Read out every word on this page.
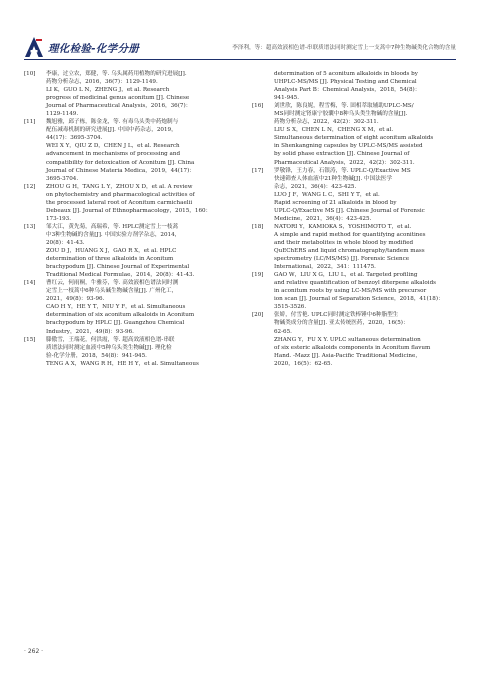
理化检验-化学分册	李泽利，等：超高效液相色谱-串联质谱法同时测定雪上一支蒿中7种生物碱类化合物的含量
[10] 李康，过立农，郑健，等. 乌头属药用植物的研究进展[J].
药物分析杂志，2016，36(7)：1129-1149.
LI K，GUO L N，ZHENG J，et al. Research
progress of medicinal genus aconitum [J]. Chinese
Journal of Pharmaceutical Analysis，2016，36(7)：
1129-1149.
[11] 魏旭雅，邱子栋，陈金龙，等. 有毒乌头类中药炮制与
配伍减毒机制的研究进展[J]. 中国中药杂志，2019，
44(17)：3695-3704.
WEI X Y，QIU Z D，CHEN J L，et al. Research
advancement in mechanisms of processing and
compatibility for detoxication of Aconitum [J]. China
Journal of Chinese Materia Medica，2019，44(17)：
3695-3704.
[12] ZHOU G H，TANG L Y，ZHOU X D，et al. A review
on phytochemistry and pharmacological activities of
the processed lateral root of Aconitum carmichaelii
Debeaux [J]. Journal of Ethnopharmacology，2015，160：
173-193.
[13] 邹大江，黄先菊，高瑞希，等. HPLC测定雪上一枝蒿
中3种生物碱的含量[J]. 中国实验方剂学杂志，2014，
20(8)：41-43.
ZOU D J，HUANG X J，GAO R X，et al. HPLC
determination of three alkaloids in Aconitum
brachypodum [J]. Chinese Journal of Experimental
Traditional Medical Formulae，2014，20(8)：41-43.
[14] 曹红云，何雨桐，牛雅芬，等. 高效液相色谱法同时测
定雪上一枝蒿中6种乌头碱生物碱含量[J]. 广州化工，
2021，49(8)：93-96.
CAO H Y，HE Y T，NIU Y F，et al. Simultaneous
determination of six aconitum alkaloids in Aconitum
brachypodum by HPLC [J]. Guangzhou Chemical
Industry，2021，49(8)：93-96.
[15] 滕傲雪，王端花，何洪霞，等. 超高效液相色谱-串联
质谱法同时测定血液中5种乌头类生物碱[J]. 理化检
验-化学分册，2018，54(8)：941-945.
TENG A X，WANG R H，HE H Y，et al. Simultaneous
determination of 5 aconitum alkaloids in bloods by
UHPLC-MS/MS [J]. Physical Testing and Chemical
Analysis Part B：Chemical Analysis，2018，54(8)：
941-945.
[16] 刘世欣，陈良妮，程雪梅，等. 固相萃取辅助UPLC-MS/
MS同时测定肾康宁胶囊中8种乌头类生物碱的含量[J].
药物分析杂志，2022，42(2)：302-311.
LIU S X，CHEN L N，CHENG X M，et al.
Simultaneous determination of eight aconitum alkaloids
in Shenkangning capsules by UPLC-MS/MS assisted
by solid phase extraction [J]. Chinese Journal of
Pharmaceutical Analysis，2022，42(2)：302-311.
[17] 罗敬锋，王力春，石银涛，等. UPLC-Q/Exactive MS
快速筛查人体血液中21种生物碱[J]. 中国法医学
杂志，2021，36(4)：423-425.
LUO J F，WANG L C，SHI Y T，et al.
Rapid screening of 21 alkaloids in blood by
UPLC-Q/Exactive MS [J]. Chinese Journal of Forensic
Medicine，2021，36(4)：423-425.
[18] NATORI Y，KAMIOKA S，YOSHIMOTO T，et al.
A simple and rapid method for quantifying aconitines
and their metabolites in whole blood by modified
QuEChERS and liquid chromatography/tandem mass
spectrometry (LC/MS/MS) [J]. Forensic Science
International，2022，341：111475.
[19] GAO W，LIU X G，LIU L，et al. Targeted profiling
and relative quantification of benzoyl diterpene alkaloids
in aconitum roots by using LC-MS/MS with precursor
ion scan [J]. Journal of Separation Science，2018，41(18)：
3515-3526.
[20] 张娇，付雪艳. UPLC同时测定铁棒锤中6种脂型生
物碱类成分的含量[J]. 亚太传统医药，2020，16(5)：
62-65.
ZHANG Y，FU X Y. UPLC sultaneous determination
of six esteric alkaloids components in Aconitum flavum
Hand. -Mazz [J]. Asia-Pacific Traditional Medicine，
2020，16(5)：62-65.
· 262 ·
